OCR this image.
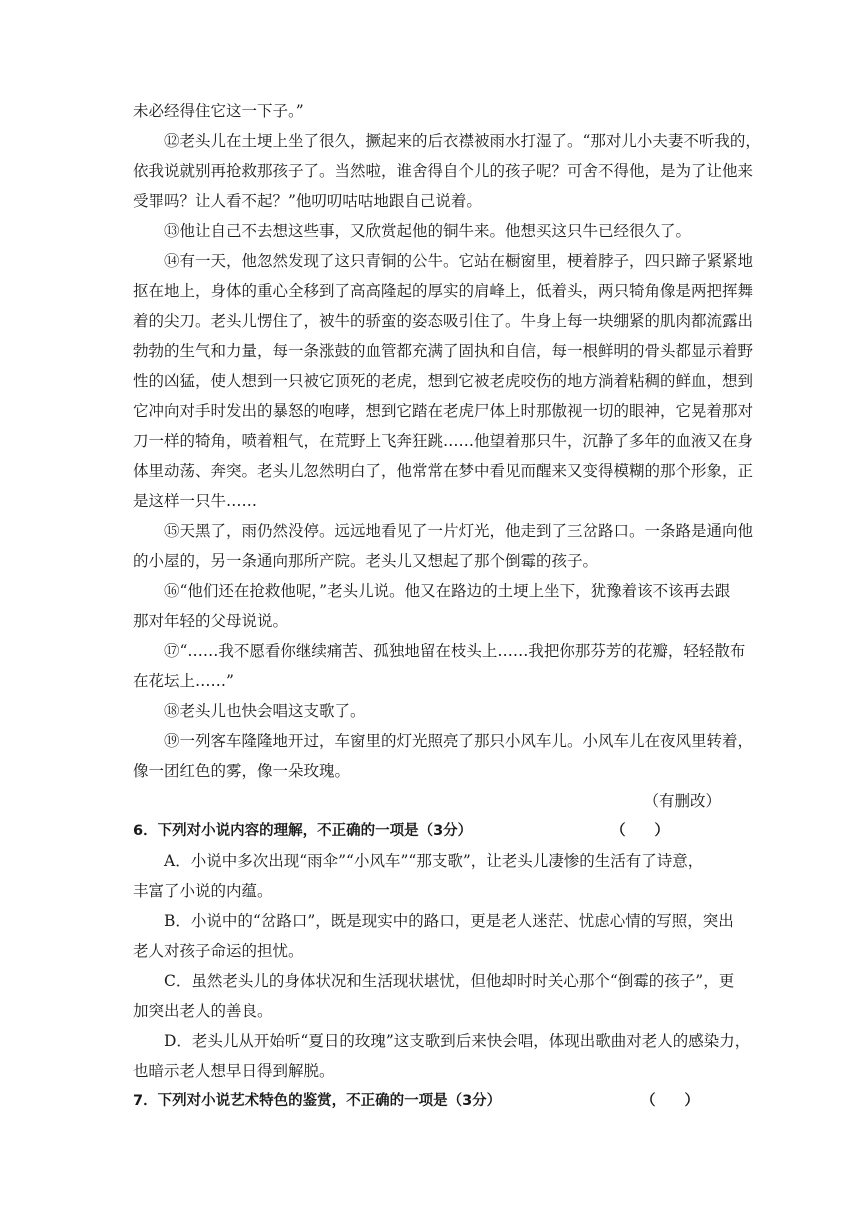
未必经得住它这一下子。”
⑫老头儿在土埂上坐了很久，撅起来的后衣襟被雨水打湿了。“那对儿小夫妻不听我的，
依我说就别再抢救那孩子了。当然啦，谁舍得自个儿的孩子呢？可舍不得他，是为了让他来
受罪吗？让人看不起？”他叨叨咕咕地跟自己说着。
⑬他让自己不去想这些事，又欣赏起他的铜牛来。他想买这只牛已经很久了。
⑭有一天，他忽然发现了这只青铜的公牛。它站在橱窗里，梗着脖子，四只蹄子紧紧地
抠在地上，身体的重心全移到了高高隆起的厚实的肩峰上，低着头，两只犄角像是两把挥舞
着的尖刀。老头儿愣住了，被牛的骄蛮的姿态吸引住了。牛身上每一块绷紧的肌肉都流露出
勃勃的生气和力量，每一条涨鼓的血管都充满了固执和自信，每一根鲜明的骨头都显示着野
性的凶猛，使人想到一只被它顶死的老虎，想到它被老虎咬伤的地方淌着粘稠的鲜血，想到
它冲向对手时发出的暴怒的咆哮，想到它踏在老虎尸体上时那傲视一切的眼神，它晃着那对
刀一样的犄角，喷着粗气，在荒野上飞奔狂跳……他望着那只牛，沉静了多年的血液又在身
体里动荡、奔突。老头儿忽然明白了，他常常在梦中看见而醒来又变得模糊的那个形象，正
是这样一只牛……
⑮天黑了，雨仍然没停。远远地看见了一片灯光，他走到了三岔路口。一条路是通向他
的小屋的，另一条通向那所产院。老头儿又想起了那个倒霉的孩子。
⑯“他们还在抢救他呢，”老头儿说。他又在路边的土埂上坐下，犹豫着该不该再去跟
那对年轻的父母说说。
⑰“……我不愿看你继续痛苦、孤独地留在枝头上……我把你那芬芳的花瓣，轻轻散布
在花坛上……”
⑱老头儿也快会唱这支歌了。
⑲一列客车隆隆地开过，车窗里的灯光照亮了那只小风车儿。小风车儿在夜风里转着，
像一团红色的雾，像一朵玫瑰。
（有删改）
6．下列对小说内容的理解，不正确的一项是（3分）	（　　）
A．小说中多次出现“雨伞”“小风车”“那支歌”，让老头儿凄惨的生活有了诗意，
丰富了小说的内蕴。
B．小说中的“岔路口”，既是现实中的路口，更是老人迷茫、忧虑心情的写照，突出
老人对孩子命运的担忧。
C．虽然老头儿的身体状况和生活现状堪忧，但他却时时关心那个“倒霉的孩子”，更
加突出老人的善良。
D．老头儿从开始听“夏日的玫瑰”这支歌到后来快会唱，体现出歌曲对老人的感染力，
也暗示老人想早日得到解脱。
7．下列对小说艺术特色的鉴赏，不正确的一项是（3分）	（　　）
